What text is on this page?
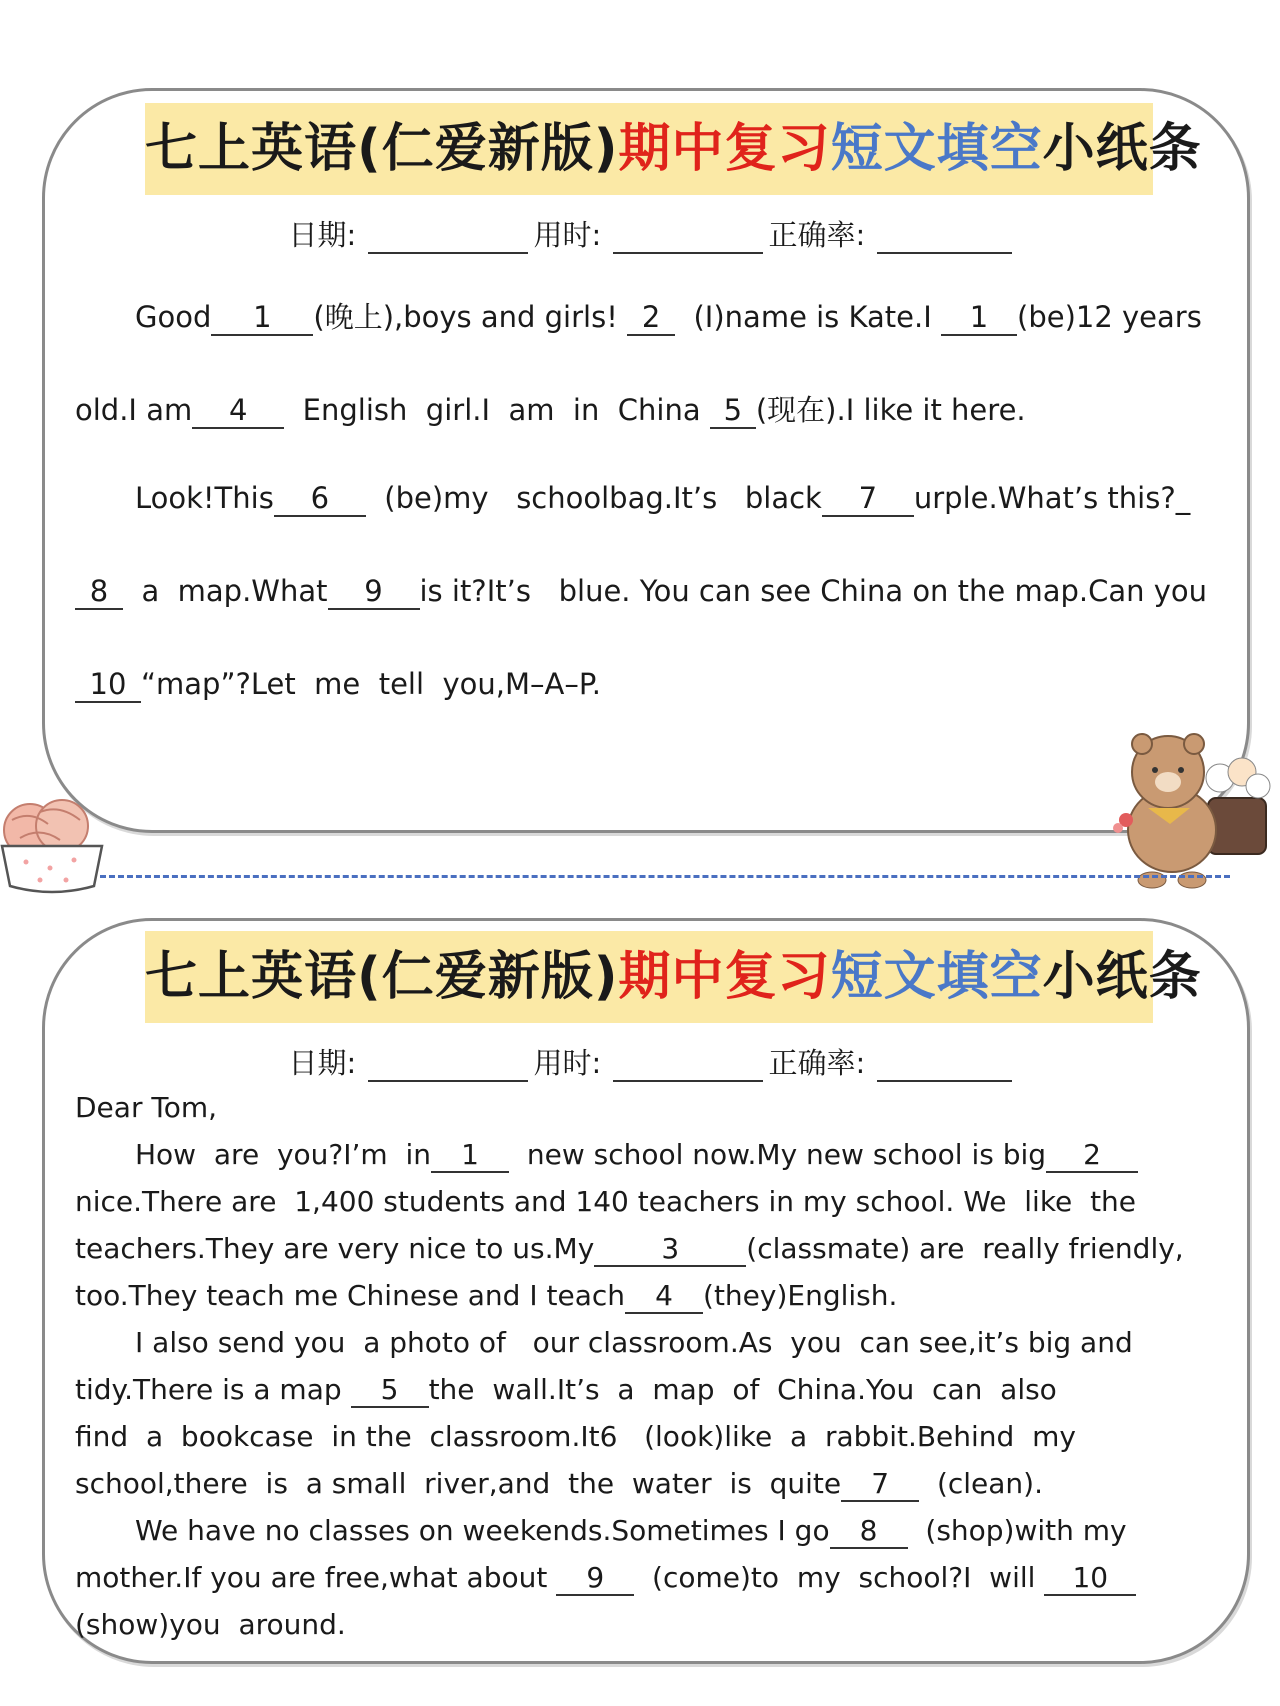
七上英语(仁爱新版)期中复习短文填空小纸条
日期:	用时:	正确率:
Good 1 (晚上),boys and girls! 2 (I)name is Kate.I 1 (be)12 years
old.I am 4 English  girl.I  am  in  China 5 (现在).I like it here.
Look!This 6 (be)my   schoolbag.It’s   black 7 urple.What’s this?_
8 a  map.What 9 is it?It’s   blue. You can see China on the map.Can you
10 “map”?Let  me  tell  you,M–A–P.
七上英语(仁爱新版)期中复习短文填空小纸条
日期:	用时:	正确率:
Dear Tom,
How  are  you?I’m  in 1 new school now.My new school is big 2
nice.There are  1,400 students and 140 teachers in my school. We  like  the
teachers.They are very nice to us.My 3 (classmate) are  really friendly,
too.They teach me Chinese and I teach 4 (they)English.
I also send you  a photo of   our classroom.As  you  can see,it’s big and
tidy.There is a map 5 the  wall.It’s  a  map  of  China.You  can  also
find  a  bookcase  in the  classroom.It6   (look)like  a  rabbit.Behind  my
school,there  is  a small  river,and  the  water  is  quite 7 (clean).
We have no classes on weekends.Sometimes I go 8 (shop)with my
mother.If you are free,what about 9 (come)to  my  school?I  will 10
(show)you  around.
